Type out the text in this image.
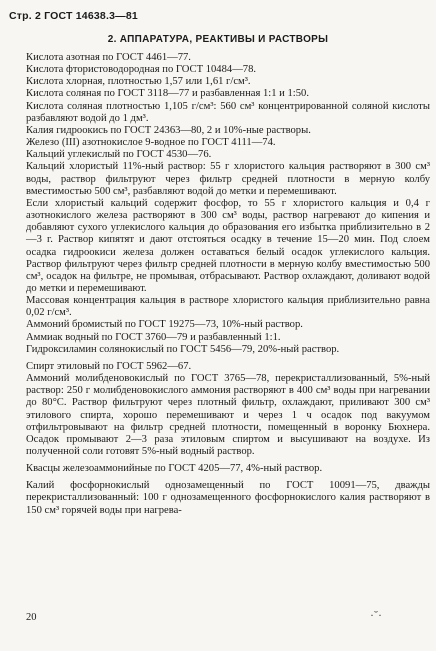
Стр. 2 ГОСТ 14638.3—81
2. АППАРАТУРА, РЕАКТИВЫ И РАСТВОРЫ

Кислота азотная по ГОСТ 4461—77.

Кислота фтористоводородная по ГОСТ 10484—78.

Кислота хлорная, плотностью 1,57 или 1,61 г/см³.

Кислота соляная по ГОСТ 3118—77 и разбавленная 1:1 и 1:50.

Кислота соляная плотностью 1,105 г/см³: 560 см³ концентрированной соляной кислоты разбавляют водой до 1 дм³.

Калия гидроокись по ГОСТ 24363—80, 2 и 10%-ные растворы.

Железо (III) азотнокислое 9-водное по ГОСТ 4111—74.

Кальций углекислый по ГОСТ 4530—76.

Кальций хлористый 11%-ный раствор: 55 г хлористого кальция растворяют в 300 см³ воды, раствор фильтруют через фильтр средней плотности в мерную колбу вместимостью 500 см³, разбавляют водой до метки и перемешивают.

Если хлористый кальций содержит фосфор, то 55 г хлористого кальция и 0,4 г азотнокислого железа растворяют в 300 см³ воды, раствор нагревают до кипения и добавляют сухого углекислого кальция до образования его избытка приблизительно в 2—3 г. Раствор кипятят и дают отстояться осадку в течение 15—20 мин. Под слоем осадка гидроокиси железа должен оставаться белый осадок углекислого кальция. Раствор фильтруют через фильтр средней плотности в мерную колбу вместимостью 500 см³, осадок на фильтре, не промывая, отбрасывают. Раствор охлаждают, доливают водой до метки и перемешивают.

Массовая концентрация кальция в растворе хлористого кальция приблизительно равна 0,02 г/см³.

Аммоний бромистый по ГОСТ 19275—73, 10%-ный раствор.

Аммиак водный по ГОСТ 3760—79 и разбавленный 1:1.

Гидроксиламин солянокислый по ГОСТ 5456—79, 20%-ный раствор.

Спирт этиловый по ГОСТ 5962—67.

Аммоний молибденовокислый по ГОСТ 3765—78, перекристаллизованный, 5%-ный раствор: 250 г молибденовокислого аммония растворяют в 400 см³ воды при нагревании до 80°С. Раствор фильтруют через плотный фильтр, охлаждают, приливают 300 см³ этилового спирта, хорошо перемешивают и через 1 ч осадок под вакуумом отфильтровывают на фильтр средней плотности, помещенный в воронку Бюхнера. Осадок промывают 2—3 раза этиловым спиртом и высушивают на воздухе. Из полученной соли готовят 5%-ный водный раствор.

Квасцы железоаммонийные по ГОСТ 4205—77, 4%-ный раствор.

Калий фосфорнокислый однозамещенный по ГОСТ 10091—75, дважды перекристаллизованный: 100 г однозамещенного фосфорнокислого калия растворяют в 150 см³ горячей воды при нагрева-

20	·˘·
